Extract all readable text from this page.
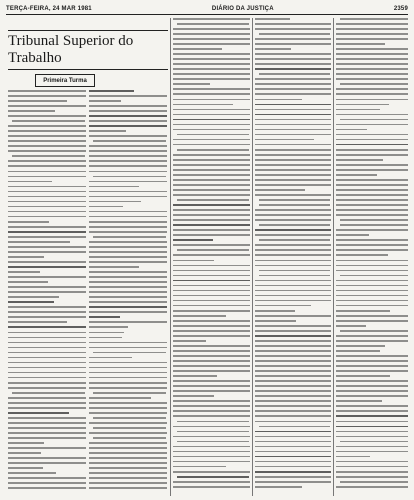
TERÇA-FEIRA, 24 MAR 1981	DIÁRIO DA JUSTIÇA	2359
Tribunal Superior do Trabalho
Primeira Turma
